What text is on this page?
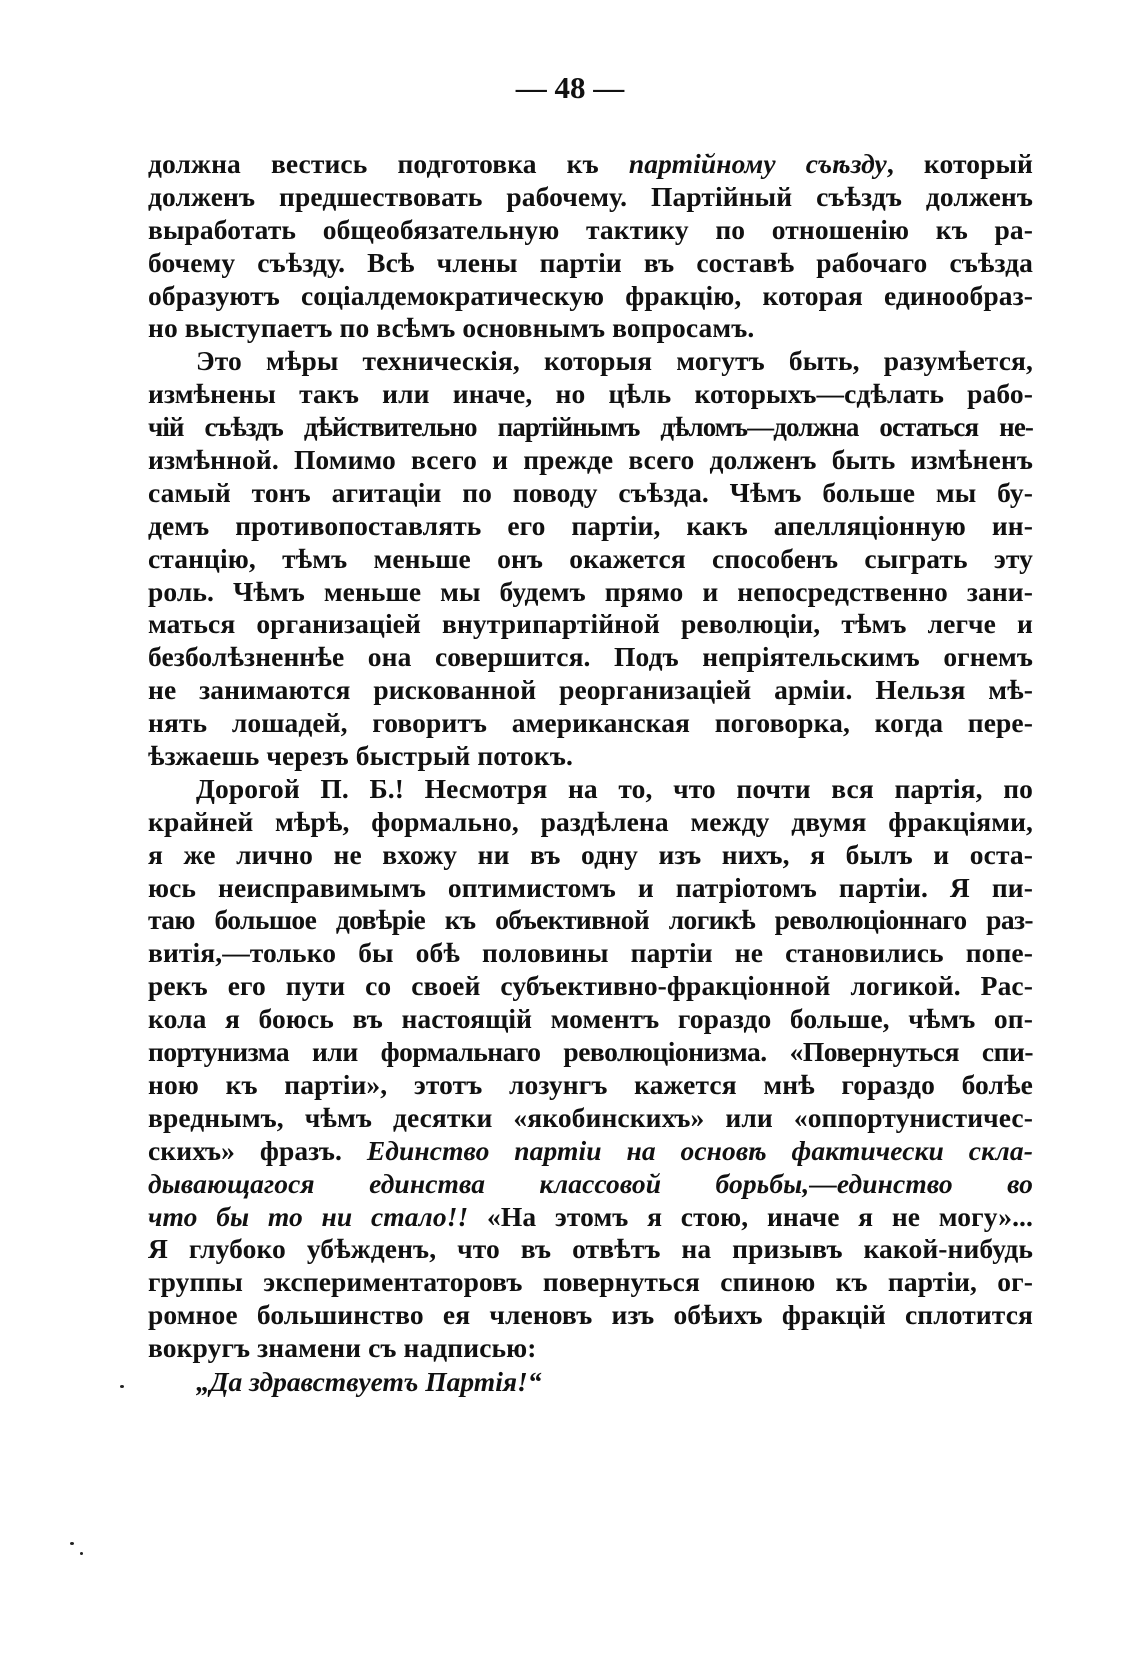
— 48 —
должна вестись подготовка къ партійному съѣзду, который
долженъ предшествовать рабочему. Партійный съѣздъ долженъ
выработать общеобязательную тактику по отношенію къ ра-
бочему съѣзду. Всѣ члены партіи въ составѣ рабочаго съѣзда
образуютъ соціалдемократическую фракцію, которая единообраз-
но выступаетъ по всѣмъ основнымъ вопросамъ.
Это мѣры техническія, которыя могутъ быть, разумѣется,
измѣнены такъ или иначе, но цѣль которыхъ—сдѣлать рабо-
чій съѣздъ дѣйствительно партійнымъ дѣломъ—должна остаться не-
измѣнной. Помимо всего и прежде всего долженъ быть измѣненъ
самый тонъ агитаціи по поводу съѣзда. Чѣмъ больше мы бу-
демъ противопоставлять его партіи, какъ апелляціонную ин-
станцію, тѣмъ меньше онъ окажется способенъ сыграть эту
роль. Чѣмъ меньше мы будемъ прямо и непосредственно зани-
маться организаціей внутрипартійной революціи, тѣмъ легче и
безболѣзненнѣе она совершится. Подъ непріятельскимъ огнемъ
не занимаются рискованной реорганизаціей арміи. Нельзя мѣ-
нять лошадей, говоритъ американская поговорка, когда пере-
ѣзжаешь черезъ быстрый потокъ.
Дорогой П. Б.! Несмотря на то, что почти вся партія, по
крайней мѣрѣ, формально, раздѣлена между двумя фракціями,
я же лично не вхожу ни въ одну изъ нихъ, я былъ и оста-
юсь неисправимымъ оптимистомъ и патріотомъ партіи. Я пи-
таю большое довѣріе къ объективной логикѣ революціоннаго раз-
витія,—только бы обѣ половины партіи не становились попе-
рекъ его пути со своей субъективно-фракціонной логикой. Рас-
кола я боюсь въ настоящій моментъ гораздо больше, чѣмъ оп-
портунизма или формальнаго революціонизма. «Повернуться спи-
ною къ партіи», этотъ лозунгъ кажется мнѣ гораздо болѣе
вреднымъ, чѣмъ десятки «якобинскихъ» или «оппортунистичес-
скихъ» фразъ. Единство партіи на основѣ фактически скла-
дывающагося единства классовой борьбы,—единство во
что бы то ни стало!! «На этомъ я стою, иначе я не могу»...
Я глубоко убѣжденъ, что въ отвѣтъ на призывъ какой-нибудь
группы экспериментаторовъ повернуться спиною къ партіи, ог-
ромное большинство ея членовъ изъ обѣихъ фракцій сплотится
вокругъ знамени съ надписью:
„Да здравствуетъ Партія!“
